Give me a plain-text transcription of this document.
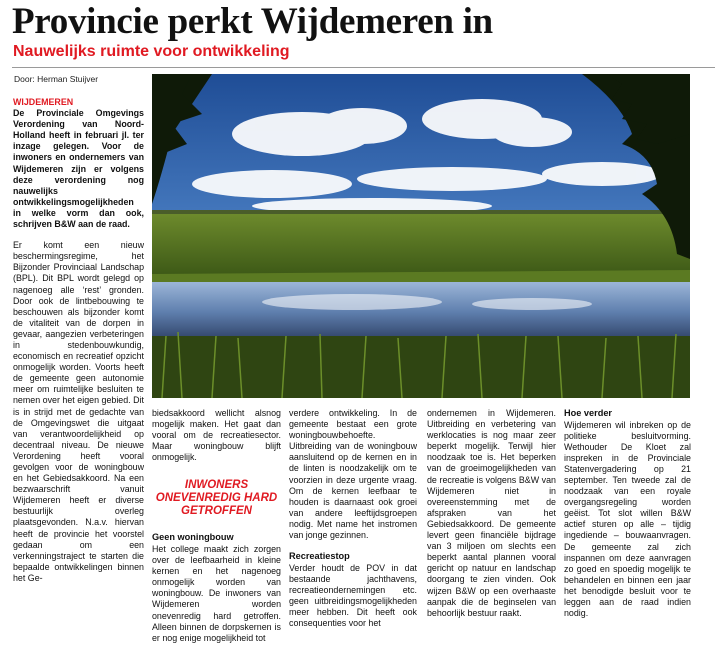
Provincie perkt Wijdemeren in
Nauwelijks ruimte voor ontwikkeling
Door: Herman Stuijver

WIJDEMEREN
De Provinciale Omgevings Verordening van Noord-Holland heeft in februari jl. ter inzage gelegen. Voor de inwoners en ondernemers van Wijdemeren zijn er volgens deze verordening nog nauwelijks ontwikkelingsmogelijkheden in welke vorm dan ook, schrijven B&W aan de raad.

Er komt een nieuw beschermingsregime, het Bijzonder Provinciaal Landschap (BPL). Dit BPL wordt gelegd op nagenoeg alle ‘rest’ gronden. Door ook de lintbebouwing te beschouwen als bijzonder komt de vitaliteit van de dorpen in gevaar, aangezien verbeteringen in stedenbouwkundig, economisch en recreatief opzicht onmogelijk worden. Voorts heeft de gemeente geen autonomie meer om ruimtelijke besluiten te nemen over het eigen gebied. Dit is in strijd met de gedachte van de Omgevingswet die uitgaat van verantwoordelijkheid op decentraal niveau. De nieuwe Verordening heeft vooral gevolgen voor de woningbouw en het Gebiedsakkoord. Na een bezwaarschrift vanuit Wijdemeren heeft er diverse bestuurlijk overleg plaatsgevonden. N.a.v. hiervan heeft de provincie het voorstel gedaan om een verkenningstraject te starten die bepaalde ontwikkelingen binnen het Ge-

biedsakkoord wellicht alsnog mogelijk maken. Het gaat dan vooral om de recreatiesector. Maar woningbouw blijft onmogelijk.

INWONERS ONEVENREDIG HARD GETROFFEN
Geen woningbouw

Het college maakt zich zorgen over de leefbaarheid in kleine kernen en het nagenoeg onmogelijk worden van woningbouw. De inwoners van Wijdemeren worden onevenredig hard getroffen. Alleen binnen de dorpskernen is er nog enige mogelijkheid tot

verdere ontwikkeling. In de gemeente bestaat een grote woningbouwbehoefte. Uitbreiding van de woningbouw aansluitend op de kernen en in de linten is noodzakelijk om te voorzien in deze urgente vraag. Om de kernen leefbaar te houden is daarnaast ook groei van andere leeftijdsgroepen nodig. Met name het instromen van jonge gezinnen.

Recreatiestop

Verder houdt de POV in dat bestaande jachthavens, recreatieondernemingen etc. geen uitbreidingsmogelijkheden meer hebben. Dit heeft ook consequenties voor het

ondernemen in Wijdemeren. Uitbreiding en verbetering van werklocaties is nog maar zeer beperkt mogelijk. Terwijl hier noodzaak toe is. Het beperken van de groeimogelijkheden van de recreatie is volgens B&W van Wijdemeren niet in overeenstemming met de afspraken van het Gebiedsakkoord. De gemeente levert geen financiële bijdrage van 3 miljoen om slechts een beperkt aantal plannen vooral gericht op natuur en landschap doorgang te zien vinden. Ook wijzen B&W op een overhaaste aanpak die de beginselen van behoorlijk bestuur raakt.

Hoe verder

Wijdemeren wil inbreken op de politieke besluitvorming. Wethouder De Kloet zal inspreken in de Provinciale Statenvergadering op 21 september. Ten tweede zal de noodzaak van een royale overgangsregeling worden geëist. Tot slot willen B&W actief sturen op alle – tijdig ingediende – bouwaanvragen. De gemeente zal zich inspannen om deze aanvragen zo goed en spoedig mogelijk te behandelen en binnen een jaar het benodigde besluit voor te leggen aan de raad indien nodig.
